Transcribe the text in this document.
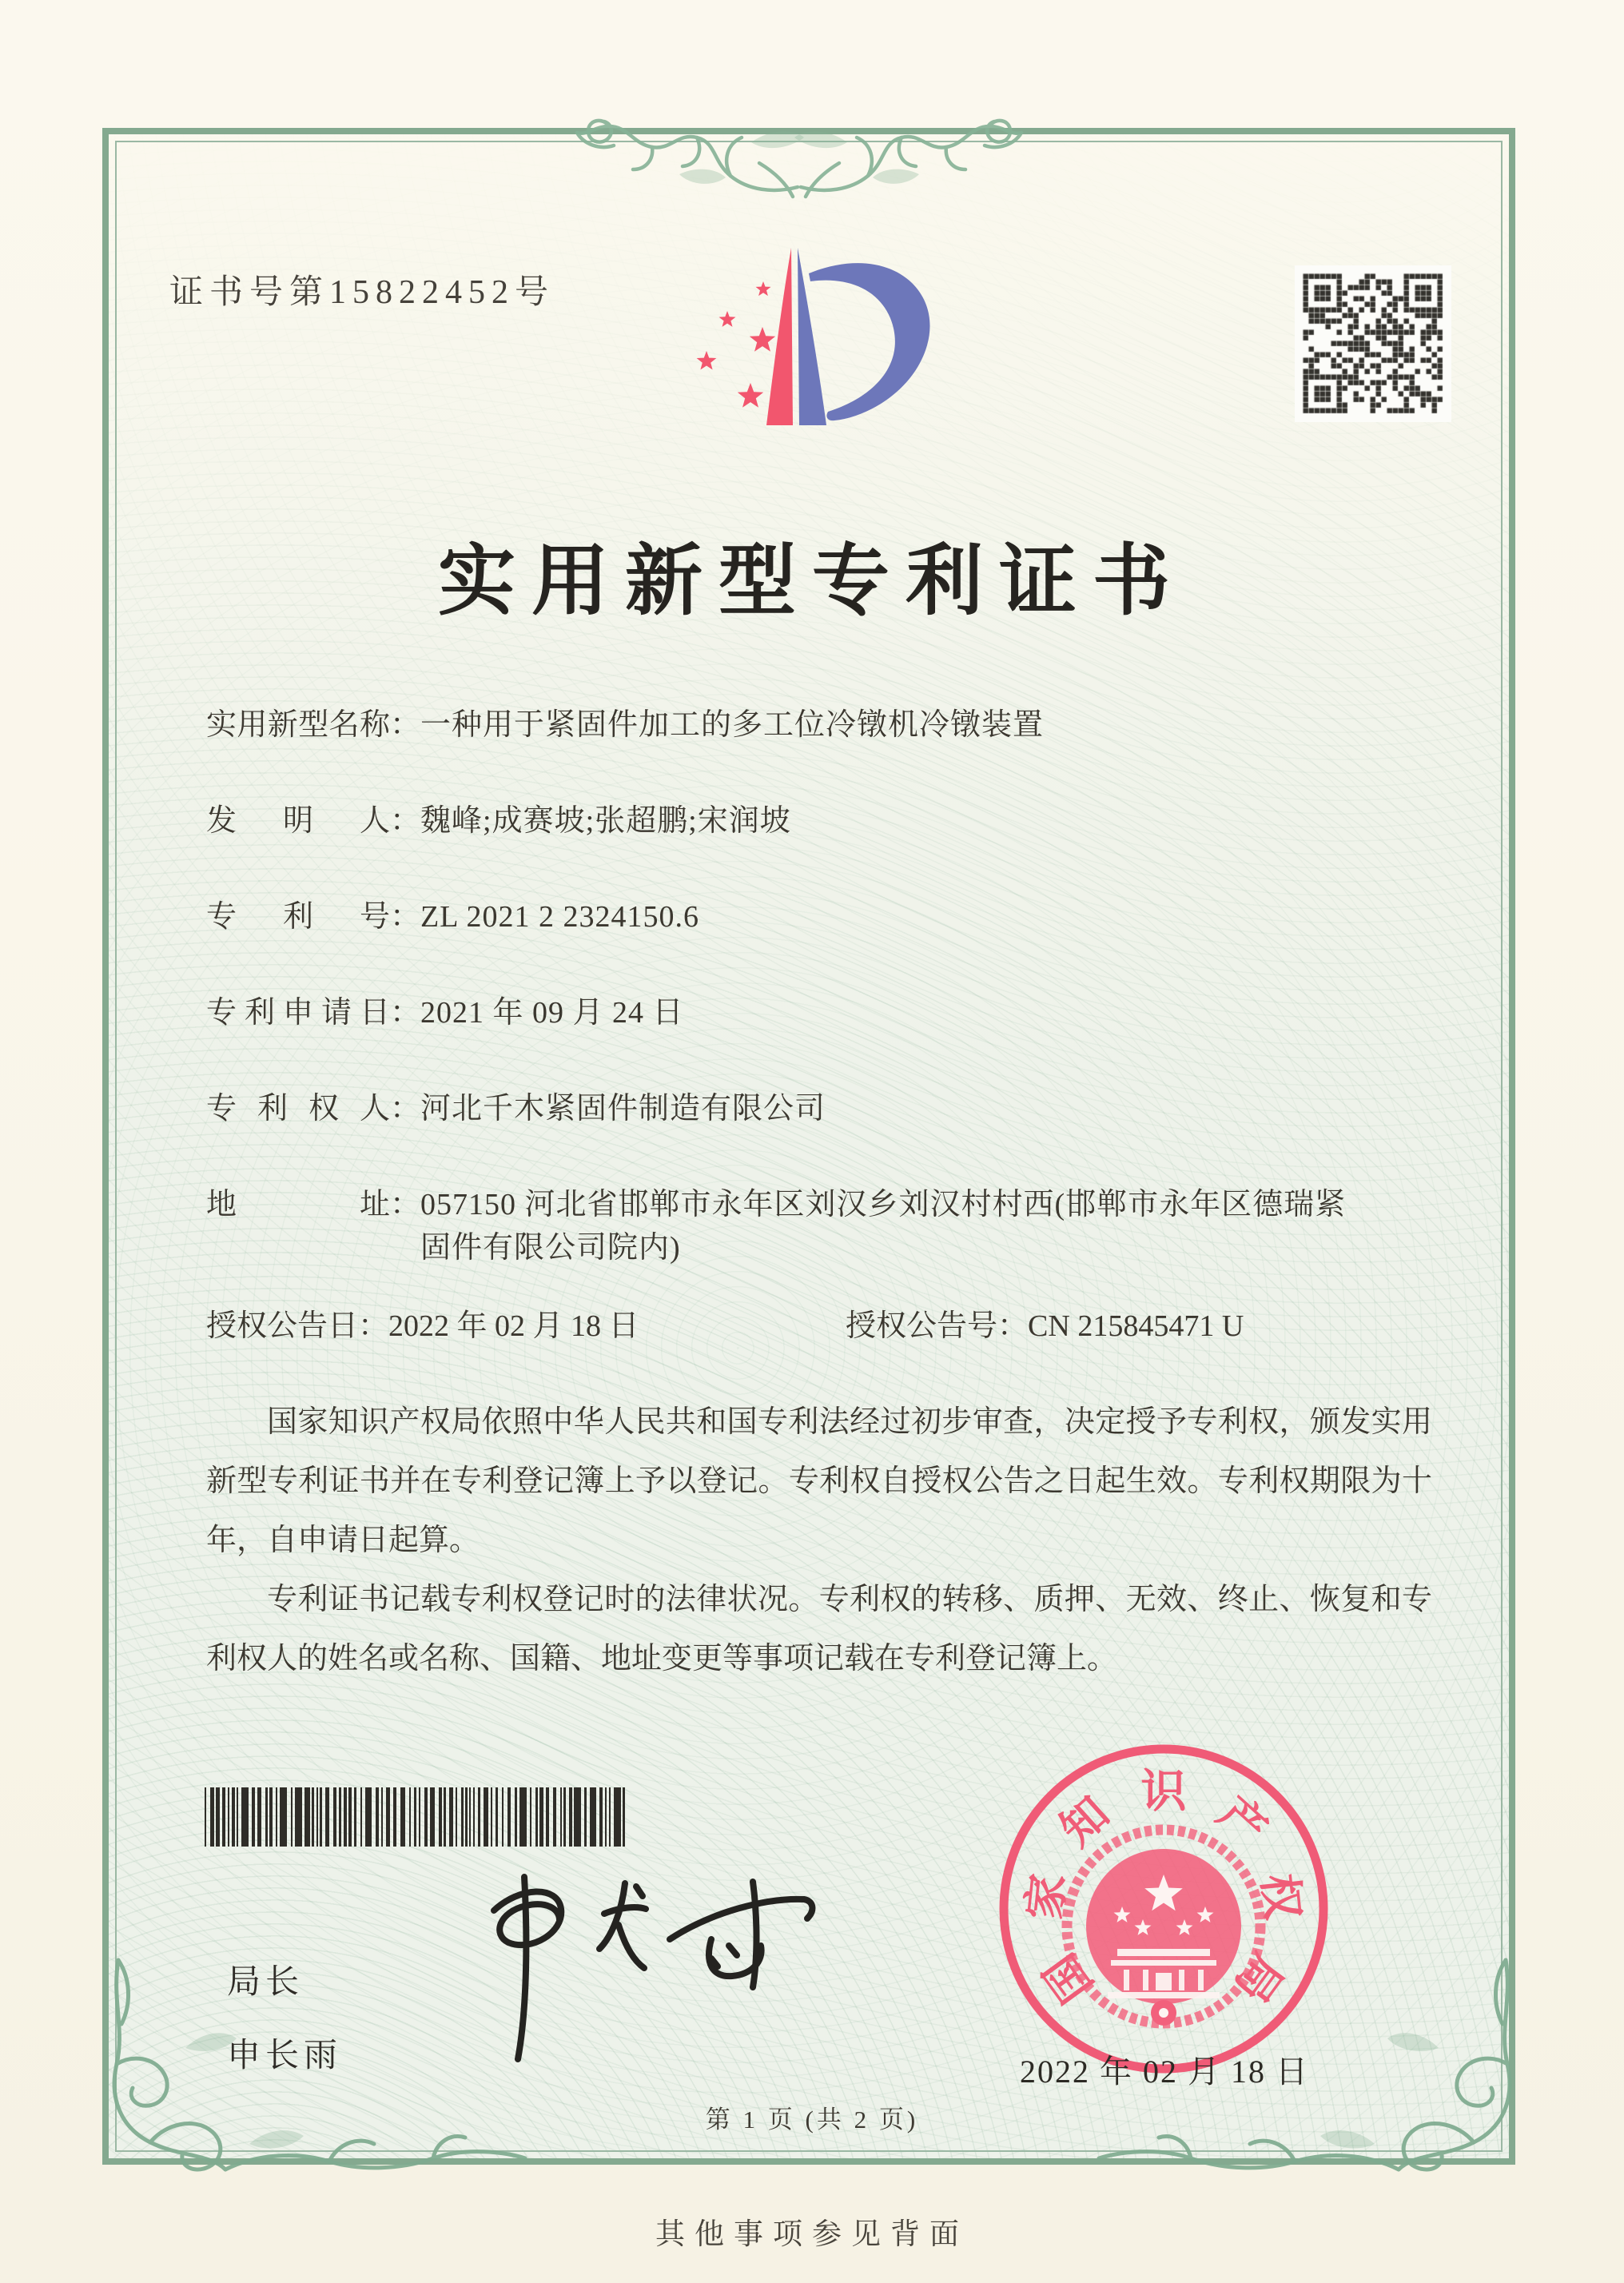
证书号第15822452号
实用新型专利证书
实用新型名称 ： 一种用于紧固件加工的多工位冷镦机冷镦装置
发明人 ： 魏峰;成赛坡;张超鹏;宋润坡
专利号 ： ZL 2021 2 2324150.6
专利申请日 ： 2021 年 09 月 24 日
专利权人 ： 河北千木紧固件制造有限公司
地址 ： 057150 河北省邯郸市永年区刘汉乡刘汉村村西(邯郸市永年区德瑞紧固件有限公司院内)
授权公告日：2022 年 02 月 18 日	授权公告号：CN 215845471 U

国家知识产权局依照中华人民共和国专利法经过初步审查，决定授予专利权，颁发实用新型专利证书并在专利登记簿上予以登记。专利权自授权公告之日起生效。专利权期限为十年，自申请日起算。

专利证书记载专利权登记时的法律状况。专利权的转移、质押、无效、终止、恢复和专利权人的姓名或名称、国籍、地址变更等事项记载在专利登记簿上。

局长
申长雨
国
家
知 识 产
权
局
2022 年 02 月 18 日
第 1 页 (共 2 页)
其他事项参见背面
